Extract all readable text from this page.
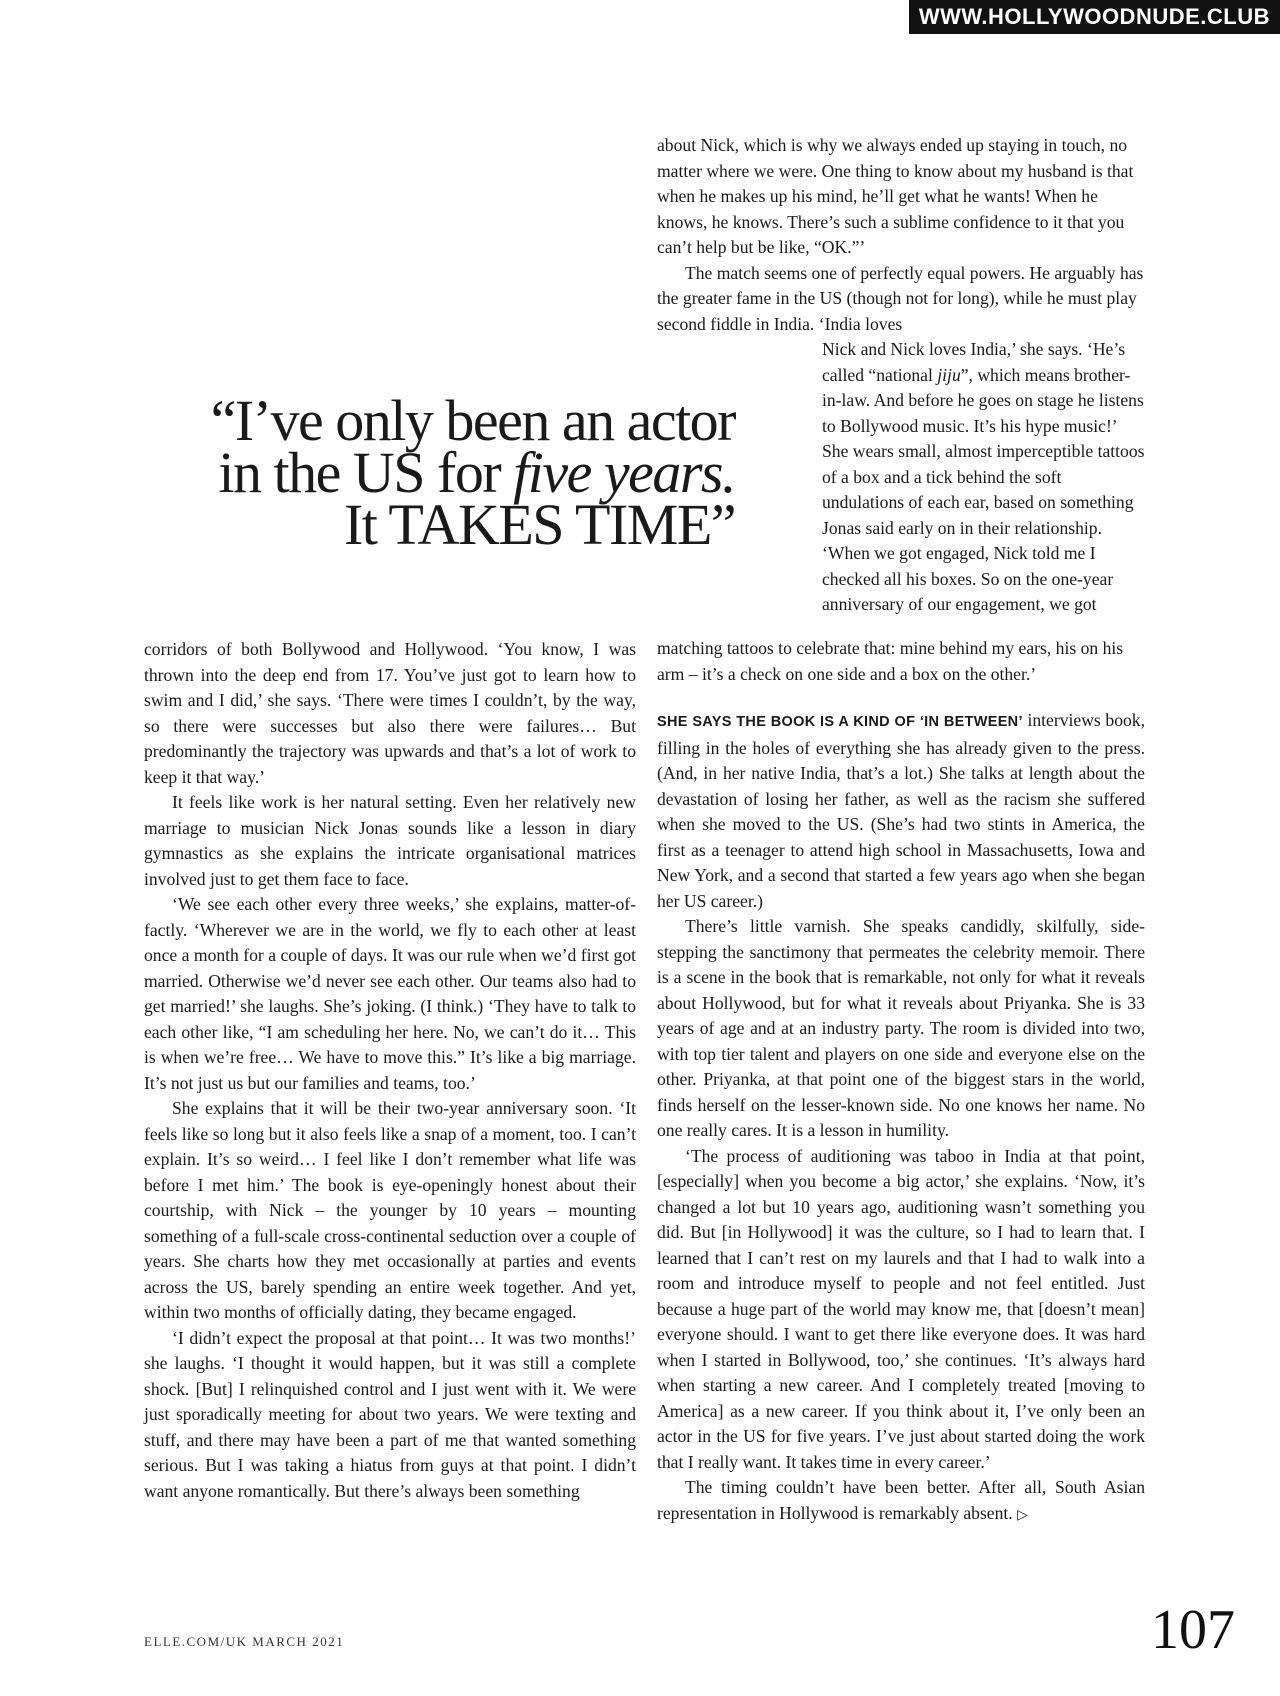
WWW.HOLLYWOODNUDE.CLUB

about Nick, which is why we always ended up staying in touch, no matter where we were. One thing to know about my husband is that when he makes up his mind, he’ll get what he wants! When he knows, he knows. There’s such a sublime confidence to it that you can’t help but be like, “OK.”’

The match seems one of perfectly equal powers. He arguably has the greater fame in the US (though not for long), while he must play second fiddle in India. ‘India loves

Nick and Nick loves India,’ she says. ‘He’s called “national jiju”, which means brother-in-law. And before he goes on stage he listens to Bollywood music. It’s his hype music!’ She wears small, almost imperceptible tattoos of a box and a tick behind the soft undulations of each ear, based on something Jonas said early on in their relationship. ‘When we got engaged, Nick told me I checked all his boxes. So on the one-year anniversary of our engagement, we got
“I’ve only been an actor
in the US for five years.
It TAKES TIME”

corridors of both Bollywood and Hollywood. ‘You know, I was thrown into the deep end from 17. You’ve just got to learn how to swim and I did,’ she says. ‘There were times I couldn’t, by the way, so there were successes but also there were failures… But predominantly the trajectory was upwards and that’s a lot of work to keep it that way.’

It feels like work is her natural setting. Even her relatively new marriage to musician Nick Jonas sounds like a lesson in diary gymnastics as she explains the intricate organisational matrices involved just to get them face to face.

‘We see each other every three weeks,’ she explains, matter-of-factly. ‘Wherever we are in the world, we fly to each other at least once a month for a couple of days. It was our rule when we’d first got married. Otherwise we’d never see each other. Our teams also had to get married!’ she laughs. She’s joking. (I think.) ‘They have to talk to each other like, “I am scheduling her here. No, we can’t do it… This is when we’re free… We have to move this.” It’s like a big marriage. It’s not just us but our families and teams, too.’

She explains that it will be their two-year anniversary soon. ‘It feels like so long but it also feels like a snap of a moment, too. I can’t explain. It’s so weird… I feel like I don’t remember what life was before I met him.’ The book is eye-openingly honest about their courtship, with Nick – the younger by 10 years – mounting something of a full-scale cross-continental seduction over a couple of years. She charts how they met occasionally at parties and events across the US, barely spending an entire week together. And yet, within two months of officially dating, they became engaged.

‘I didn’t expect the proposal at that point… It was two months!’ she laughs. ‘I thought it would happen, but it was still a complete shock. [But] I relinquished control and I just went with it. We were just sporadically meeting for about two years. We were texting and stuff, and there may have been a part of me that wanted something serious. But I was taking a hiatus from guys at that point. I didn’t want anyone romantically. But there’s always been something

matching tattoos to celebrate that: mine behind my ears, his on his arm – it’s a check on one side and a box on the other.’

SHE SAYS THE BOOK IS A KIND OF ‘IN BETWEEN’ interviews book, filling in the holes of everything she has already given to the press. (And, in her native India, that’s a lot.) She talks at length about the devastation of losing her father, as well as the racism she suffered when she moved to the US. (She’s had two stints in America, the first as a teenager to attend high school in Massachusetts, Iowa and New York, and a second that started a few years ago when she began her US career.)

There’s little varnish. She speaks candidly, skilfully, side-stepping the sanctimony that permeates the celebrity memoir. There is a scene in the book that is remarkable, not only for what it reveals about Hollywood, but for what it reveals about Priyanka. She is 33 years of age and at an industry party. The room is divided into two, with top tier talent and players on one side and everyone else on the other. Priyanka, at that point one of the biggest stars in the world, finds herself on the lesser-known side. No one knows her name. No one really cares. It is a lesson in humility.

‘The process of auditioning was taboo in India at that point, [especially] when you become a big actor,’ she explains. ‘Now, it’s changed a lot but 10 years ago, auditioning wasn’t something you did. But [in Hollywood] it was the culture, so I had to learn that. I learned that I can’t rest on my laurels and that I had to walk into a room and introduce myself to people and not feel entitled. Just because a huge part of the world may know me, that [doesn’t mean] everyone should. I want to get there like everyone does. It was hard when I started in Bollywood, too,’ she continues. ‘It’s always hard when starting a new career. And I completely treated [moving to America] as a new career. If you think about it, I’ve only been an actor in the US for five years. I’ve just about started doing the work that I really want. It takes time in every career.’

The timing couldn’t have been better. After all, South Asian representation in Hollywood is remarkably absent. ▷

ELLE.COM/UK MARCH 2021	107
